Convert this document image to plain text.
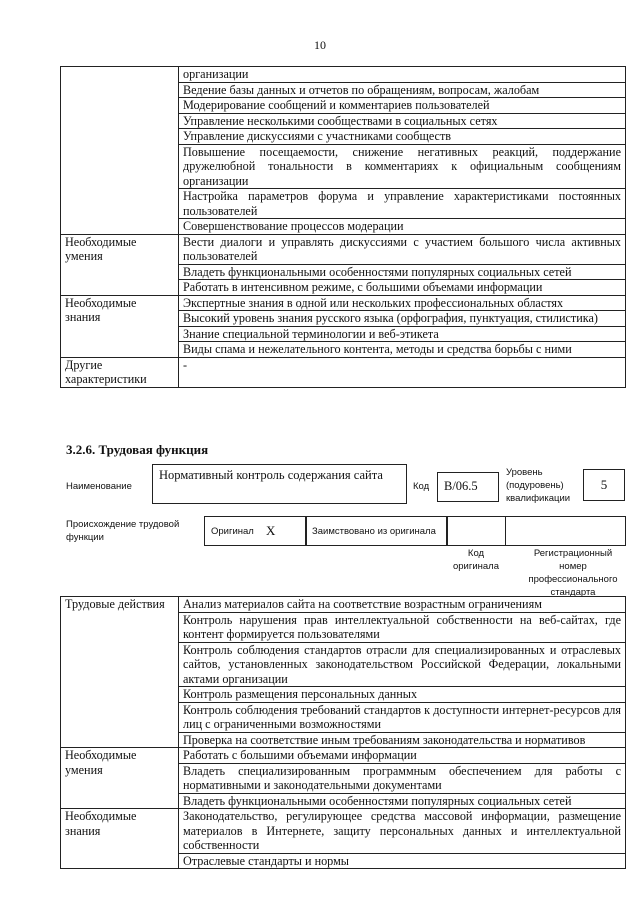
10
	организации
	Ведение базы данных и отчетов по обращениям, вопросам, жалобам
	Модерирование сообщений и комментариев пользователей
	Управление несколькими сообществами в социальных сетях
	Управление дискуссиями с участниками сообществ
	Повышение посещаемости, снижение негативных реакций, поддержание дружелюбной тональности в комментариях к официальным сообщениям организации
	Настройка параметров форума и управление характеристиками постоянных пользователей
	Совершенствование процессов модерации
Необходимые умения	Вести диалоги и управлять дискуссиями с участием большого числа активных пользователей
	Владеть функциональными особенностями популярных социальных сетей
	Работать в интенсивном режиме, с большими объемами информации
Необходимые знания	Экспертные знания в одной или нескольких профессиональных областях
	Высокий уровень знания русского языка (орфография, пунктуация, стилистика)
	Знание специальной терминологии и веб-этикета
	Виды спама и нежелательного контента, методы и средства борьбы с ними
Другие характеристики	-
3.2.6. Трудовая функция
Наименование
Нормативный контроль содержания сайта
Код B/06.5
Уровень (подуровень) квалификации
5
Происхождение трудовой функции
Оригинал X	Заимствовано из оригинала
Код оригинала
Регистрационный номер профессионального стандарта
Трудовые действия	Анализ материалов сайта на соответствие возрастным ограничениям
	Контроль нарушения прав интеллектуальной собственности на веб-сайтах, где контент формируется пользователями
	Контроль соблюдения стандартов отрасли для специализированных и отраслевых сайтов, установленных законодательством Российской Федерации, локальными актами организации
	Контроль размещения персональных данных
	Контроль соблюдения требований стандартов к доступности интернет-ресурсов для лиц с ограниченными возможностями
	Проверка на соответствие иным требованиям законодательства и нормативов
Необходимые умения	Работать с большими объемами информации
	Владеть специализированным программным обеспечением для работы с нормативными и законодательными документами
	Владеть функциональными особенностями популярных социальных сетей
Необходимые знания	Законодательство, регулирующее средства массовой информации, размещение материалов в Интернете, защиту персональных данных и интеллектуальной собственности
	Отраслевые стандарты и нормы
